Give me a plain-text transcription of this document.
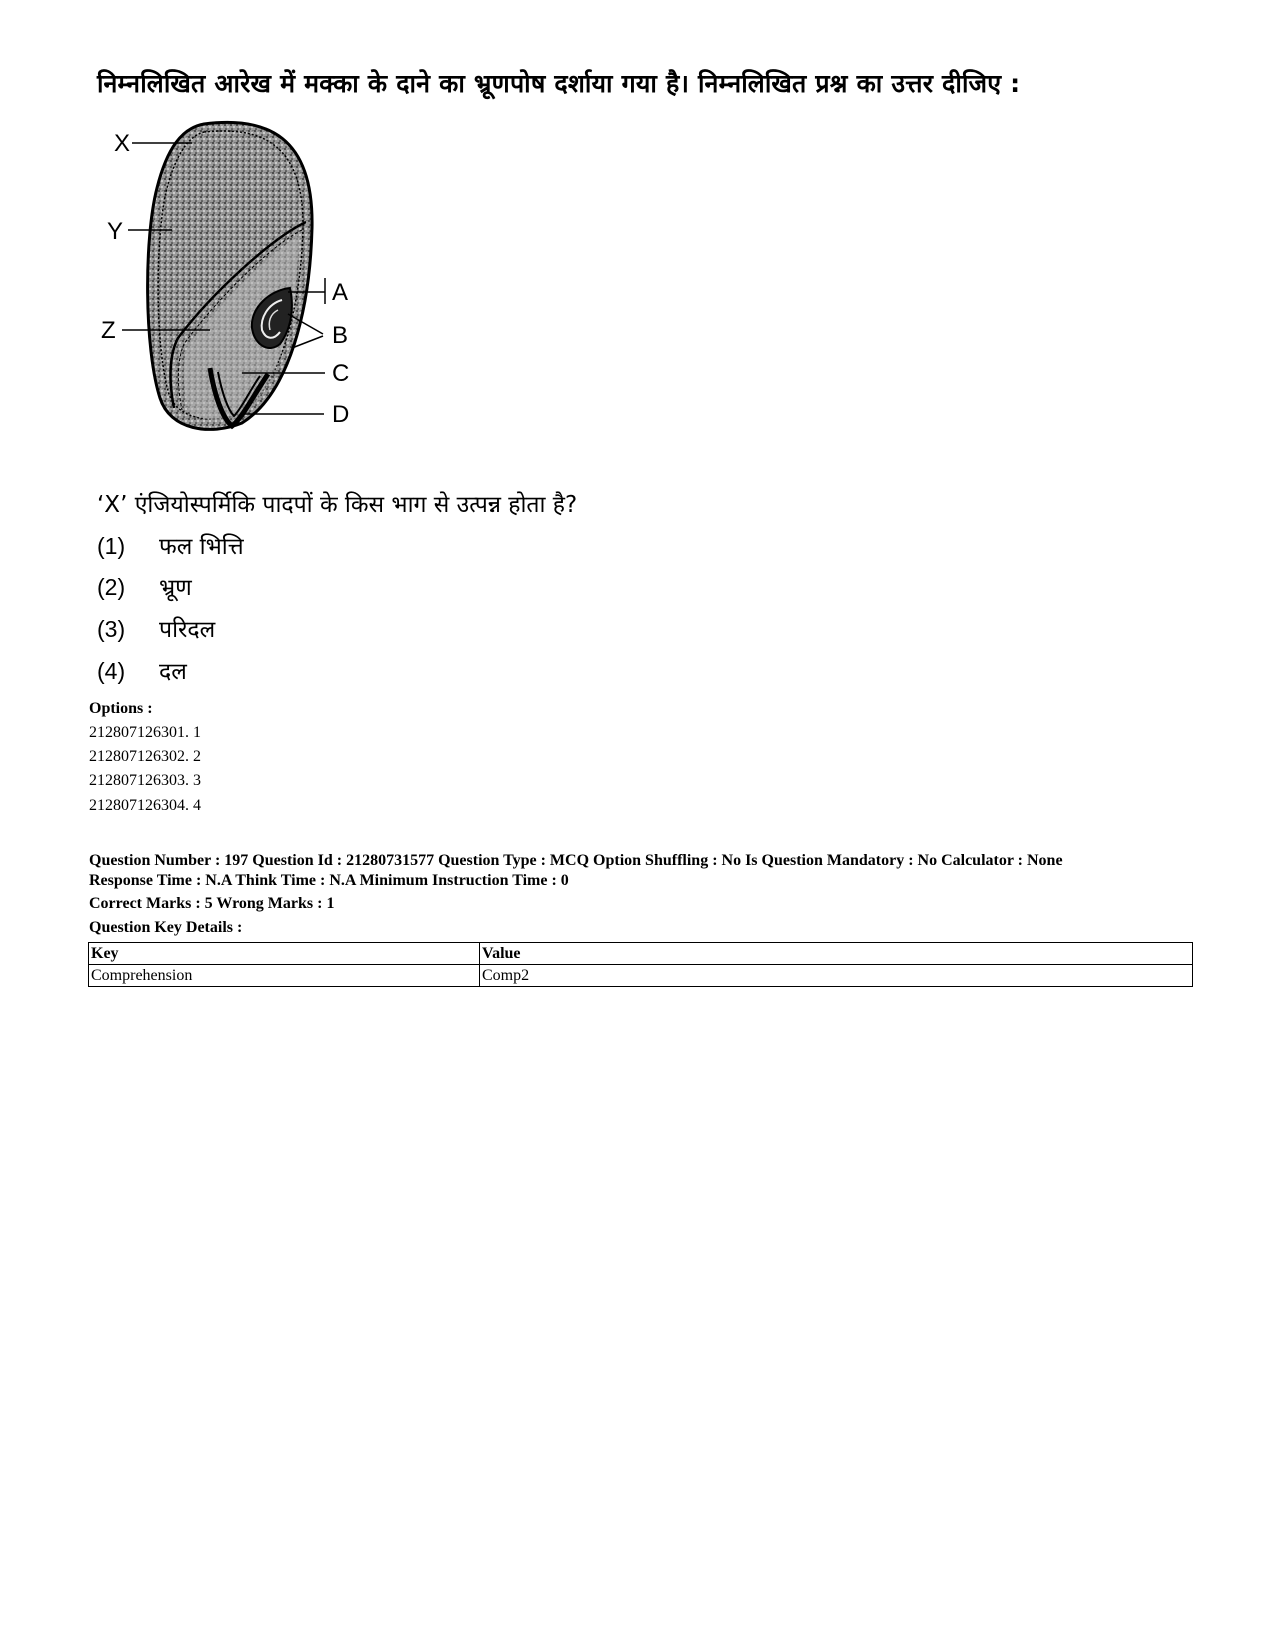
निम्नलिखित आरेख में मक्का के दाने का भ्रूणपोष दर्शाया गया है। निम्नलिखित प्रश्न का उत्तर दीजिए :
X
Y
Z
A
B
C
D
‘X’ एंजियोस्पर्मिकि पादपों के किस भाग से उत्पन्न होता है?
(1) फल भित्ति
(2) भ्रूण
(3) परिदल
(4) दल
Options :
212807126301. 1
212807126302. 2
212807126303. 3
212807126304. 4
Question Number : 197 Question Id : 21280731577 Question Type : MCQ Option Shuffling : No Is Question Mandatory : No Calculator : None
Response Time : N.A Think Time : N.A Minimum Instruction Time : 0
Correct Marks : 5 Wrong Marks : 1
Question Key Details :
Key	Value
Comprehension	Comp2
